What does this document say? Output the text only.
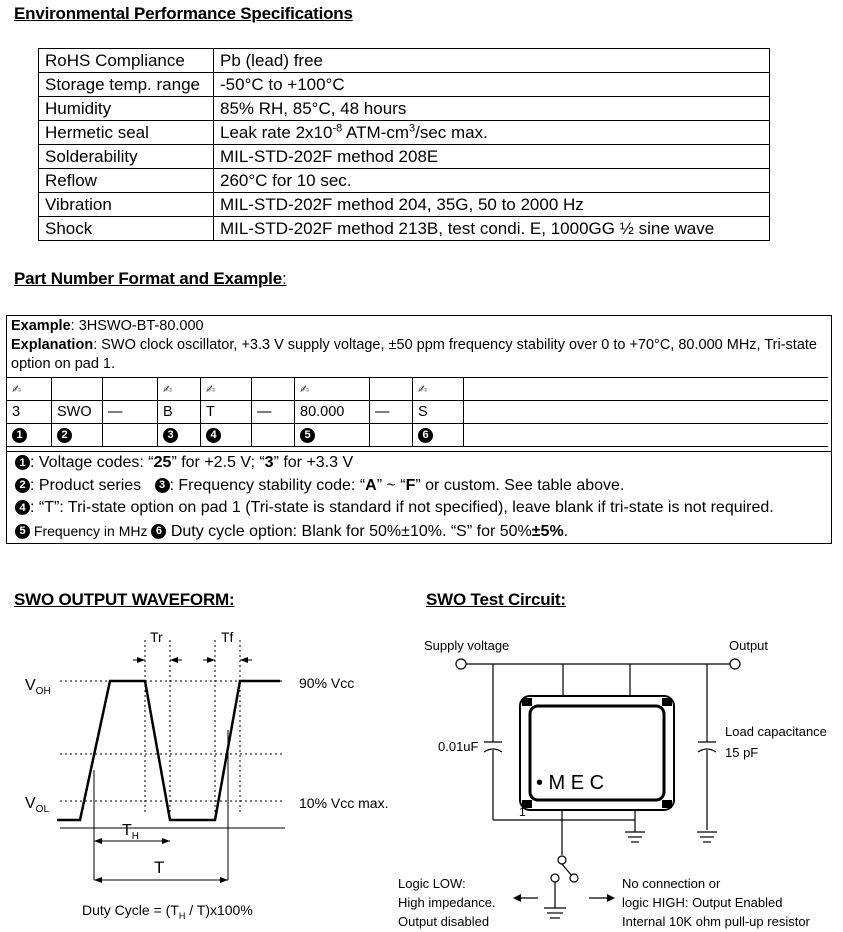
Environmental Performance Specifications
RoHS Compliance	Pb (lead) free
Storage temp. range	-50°C to +100°C
Humidity	85% RH, 85°C, 48 hours
Hermetic seal	Leak rate $2x10^{-8}$ ATM-$cm^3/\sec$ max.
Solderability	MIL-STD-202F method 208E
Reflow	260°C for 10 sec.
Vibration	MIL-STD-202F method 204, 35G, 50 to 2000 Hz
Shock	MIL-STD-202F method 213B, test condi. E, 1000GG ½ sine wave
Part Number Format and Example:
Example: 3HSWO-BT-80.000
Explanation: SWO clock oscillator, +3.3 V supply voltage, ±50 ppm frequency stability over 0 to +70°C, 80.000 MHz, Tri-state option on pad 1.
✍			✍	✍		✍		✍	
3	SWO	—	B	T	—	80.000	—	S	
1	2		3	4		5		6	
1 : Voltage codes: “25” for +2.5 V; “3” for +3.3 V
2 : Product series 3 : Frequency stability code: “A” ~ “F” or custom. See table above.
4 : “T”: Tri-state option on pad 1 (Tri-state is standard if not specified), leave blank if tri-state is not required.
5 Frequency in MHz 6 Duty cycle option: Blank for 50%±10%. “S” for 50%±5%.
SWO OUTPUT WAVEFORM:
Tr	Tf
$V_{OH}$
$V_{OL}$
90% Vcc
10% Vcc max.
$T_H$
T
Duty Cycle = $(T_H / T)x100\%$
SWO Test Circuit:
• M E C
1
Supply voltage	Output
0.01uF
Load capacitance
15 pF
Logic LOW:
High impedance.
Output disabled
No connection or
logic HIGH: Output Enabled
Internal 10K ohm pull-up resistor
